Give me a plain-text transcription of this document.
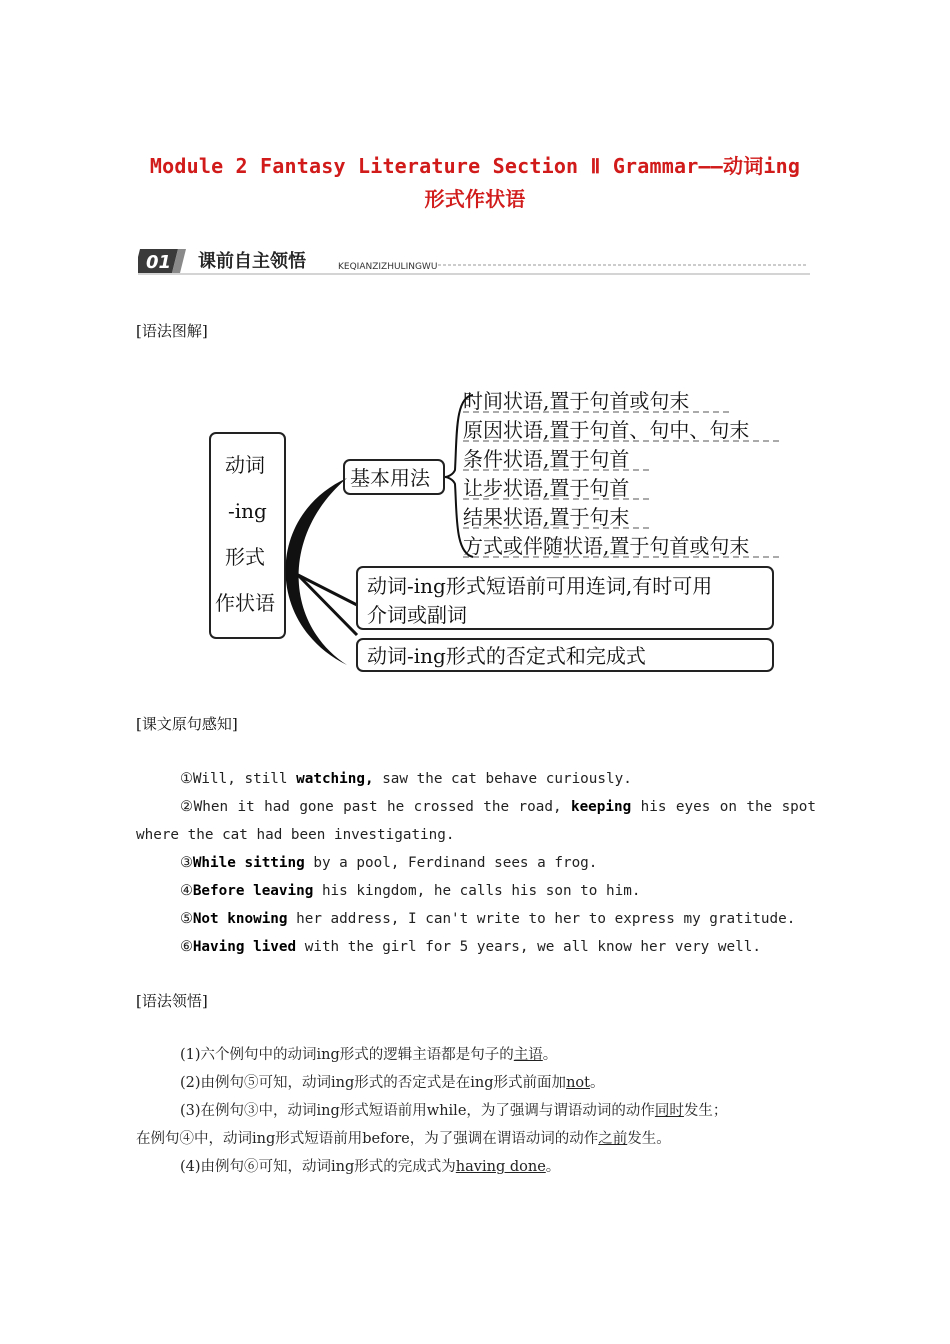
Module 2 Fantasy Literature Section Ⅱ Grammar——动词ing
形式作状语
01 课前自主领悟	KEQIANZIZHULINGWU
[语法图解]
动词
-ing
形式
作状语
基本用法
时间状语,置于句首或句末
原因状语,置于句首、句中、句末
条件状语,置于句首
让步状语,置于句首
结果状语,置于句末
方式或伴随状语,置于句首或句末
动词-ing形式短语前可用连词,有时可用
介词或副词
动词-ing形式的否定式和完成式
[课文原句感知]
①Will, still watching, saw the cat behave curiously.
②When it had gone past he crossed the road, keeping his eyes on the spot
where the cat had been investigating.
③While sitting by a pool, Ferdinand sees a frog.
④Before leaving his kingdom, he calls his son to him.
⑤Not knowing her address, I can't write to her to express my gratitude.
⑥Having lived with the girl for 5 years, we all know her very well.
[语法领悟]
(1)六个例句中的动词ing形式的逻辑主语都是句子的主语。
(2)由例句⑤可知，动词ing形式的否定式是在ing形式前面加not。
(3)在例句③中，动词ing形式短语前用while，为了强调与谓语动词的动作同时发生；
在例句④中，动词ing形式短语前用before，为了强调在谓语动词的动作之前发生。
(4)由例句⑥可知，动词ing形式的完成式为having done。
